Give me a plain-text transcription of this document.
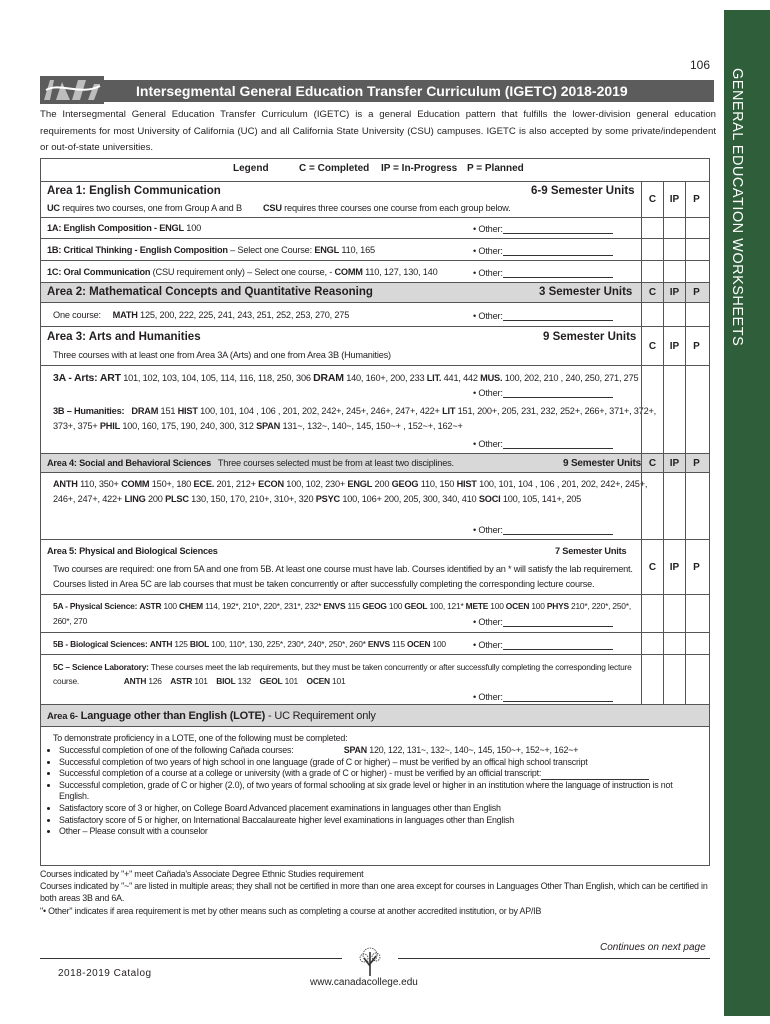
GENERAL EDUCATION WORKSHEETS
106
Intersegmental General Education Transfer Curriculum (IGETC) 2018-2019
The Intersegmental General Education Transfer Curriculum (IGETC) is a general Education pattern that fulfills the lower-division general education requirements for most University of California (UC) and all California State University (CSU) campuses. IGETC is also accepted by some private/independent or out-of-state universities.
Legend	C = Completed IP = In-Progress P = Planned
Area 1: English Communication	6-9 Semester Units
UC requires two courses, one from Group A and B CSU requires three courses one course from each group below.
C	IP	P
1A: English Composition - ENGL 100	• Other:
1B: Critical Thinking - English Composition – Select one Course: ENGL 110, 165	• Other:
1C: Oral Communication (CSU requirement only) – Select one course, - COMM 110, 127, 130, 140	• Other:
Area 2: Mathematical Concepts and Quantitative Reasoning	3 Semester Units	C	IP	P
One course: MATH 125, 200, 222, 225, 241, 243, 251, 252, 253, 270, 275	• Other:
Area 3: Arts and Humanities	9 Semester Units
Three courses with at least one from Area 3A (Arts) and one from Area 3B (Humanities)
C	IP	P
3A - Arts: ART 101, 102, 103, 104, 105, 114, 116, 118, 250, 306 DRAM 140, 160+, 200, 233 LIT. 441, 442 MUS. 100, 202, 210 , 240, 250, 271, 275
• Other:
3B – Humanities: DRAM 151 HIST 100, 101, 104 , 106 , 201, 202, 242+, 245+, 246+, 247+, 422+ LIT 151, 200+, 205, 231, 232, 252+, 266+, 371+, 372+,
373+, 375+ PHIL 100, 160, 175, 190, 240, 300, 312 SPAN 131~, 132~, 140~, 145, 150~+ , 152~+, 162~+
• Other:
Area 4: Social and Behavioral Sciences Three courses selected must be from at least two disciplines.	9 Semester Units C	IP	P
ANTH 110, 350+ COMM 150+, 180 ECE. 201, 212+ ECON 100, 102, 230+ ENGL 200 GEOG 110, 150 HIST 100, 101, 104 , 106 , 201, 202, 242+, 245+,
246+, 247+, 422+ LING 200 PLSC 130, 150, 170, 210+, 310+, 320 PSYC 100, 106+ 200, 205, 300, 340, 410 SOCI 100, 105, 141+, 205
• Other:
Area 5: Physical and Biological Sciences	7 Semester Units
Two courses are required: one from 5A and one from 5B. At least one course must have lab. Courses identified by an * will satisfy the lab requirement.
Courses listed in Area 5C are lab courses that must be taken concurrently or after successfully completing the corresponding lecture course.
C	IP	P
5A - Physical Science: ASTR 100 CHEM 114, 192*, 210*, 220*, 231*, 232* ENVS 115 GEOG 100 GEOL 100, 121* METE 100 OCEN 100 PHYS 210*, 220*, 250*,
260*, 270	• Other:
5B - Biological Sciences: ANTH 125 BIOL 100, 110*, 130, 225*, 230*, 240*, 250*, 260* ENVS 115 OCEN 100	• Other:
5C – Science Laboratory: These courses meet the lab requirements, but they must be taken concurrently or after successfully completing the corresponding lecture
course.	ANTH 126 ASTR 101 BIOL 132 GEOL 101 OCEN 101
• Other:
Area 6- Language other than English (LOTE) - UC Requirement only
To demonstrate proficiency in a LOTE, one of the following must be completed:
• Successful completion of one of the following Cañada courses:	SPAN 120, 122, 131~, 132~, 140~, 145, 150~+, 152~+, 162~+
• Successful completion of two years of high school in one language (grade of C or higher) – must be verified by an offical high school transcript
• Successful completion of a course at a college or university (with a grade of C or higher) - must be verified by an official transcript:
• Successful completion, grade of C or higher (2.0), of two years of formal schooling at six grade level or higher in an institution where the language of instruction is not English.
• Satisfactory score of 3 or higher, on College Board Advanced placement examinations in languages other than English
• Satisfactory score of 5 or higher, on International Baccalaureate higher level examinations in languages other than English
• Other – Please consult with a counselor
Courses indicated by "+" meet Cañada's Associate Degree Ethnic Studies requirement
Courses indicated by "~" are listed in multiple areas; they shall not be certified in more than one area except for courses in Languages Other Than English, which can be certified in both areas 3B and 6A.
"• Other" indicates if area requirement is met by other means such as completing a course at another accredited institution, or by AP/IB
Continues on next page
2018-2019 Catalog
www.canadacollege.edu
